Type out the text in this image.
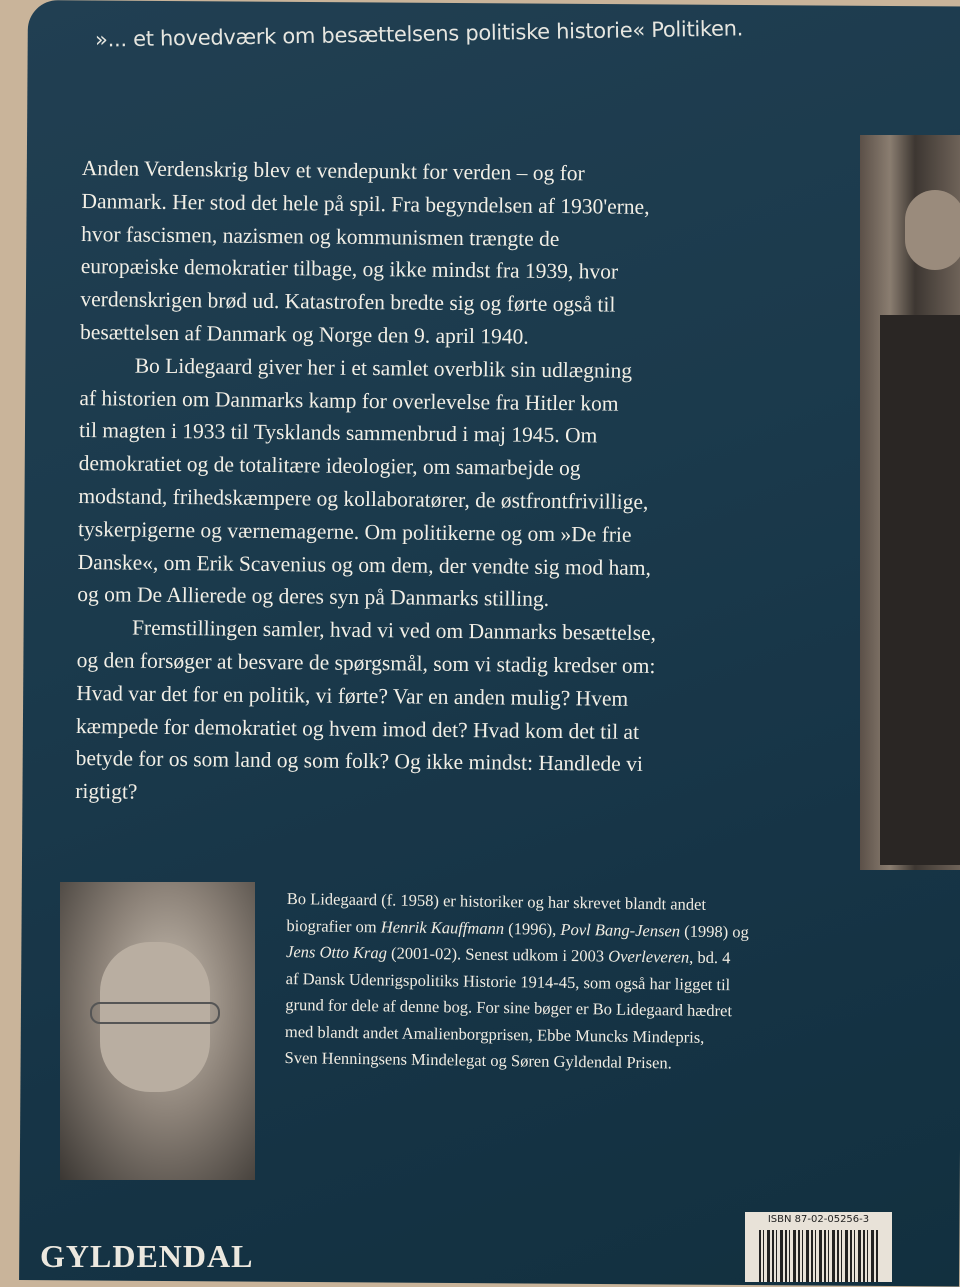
»... et hovedværk om besættelsens politiske historie« Politiken.
Anden Verdenskrig blev et vendepunkt for verden – og for
Danmark. Her stod det hele på spil. Fra begyndelsen af 1930'erne,
hvor fascismen, nazismen og kommunismen trængte de
europæiske demokratier tilbage, og ikke mindst fra 1939, hvor
verdenskrigen brød ud. Katastrofen bredte sig og førte også til
besættelsen af Danmark og Norge den 9. april 1940.
Bo Lidegaard giver her i et samlet overblik sin udlægning
af historien om Danmarks kamp for overlevelse fra Hitler kom
til magten i 1933 til Tysklands sammenbrud i maj 1945. Om
demokratiet og de totalitære ideologier, om samarbejde og
modstand, frihedskæmpere og kollaboratører, de østfrontfrivillige,
tyskerpigerne og værnemagerne. Om politikerne og om »De frie
Danske«, om Erik Scavenius og om dem, der vendte sig mod ham,
og om De Allierede og deres syn på Danmarks stilling.
Fremstillingen samler, hvad vi ved om Danmarks besættelse,
og den forsøger at besvare de spørgsmål, som vi stadig kredser om:
Hvad var det for en politik, vi førte? Var en anden mulig? Hvem
kæmpede for demokratiet og hvem imod det? Hvad kom det til at
betyde for os som land og som folk? Og ikke mindst: Handlede vi
rigtigt?
Bo Lidegaard (f. 1958) er historiker og har skrevet blandt andet
biografier om Henrik Kauffmann (1996), Povl Bang-Jensen (1998) og
Jens Otto Krag (2001-02). Senest udkom i 2003 Overleveren, bd. 4
af Dansk Udenrigspolitiks Historie 1914-45, som også har ligget til
grund for dele af denne bog. For sine bøger er Bo Lidegaard hædret
med blandt andet Amalienborgprisen, Ebbe Muncks Mindepris,
Sven Henningsens Mindelegat og Søren Gyldendal Prisen.
GYLDENDAL
ISBN 87-02-05256-3
